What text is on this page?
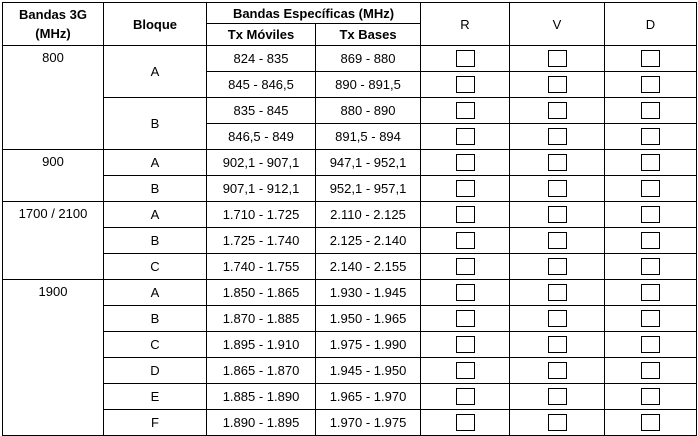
Bandas 3G
(MHz)	Bloque	Bandas Específicas (MHz)		R	V	D
		Tx Móviles	Tx Bases			
800	A	824 - 835	869 - 880			
		845 - 846,5	890 - 891,5			
	B	835 - 845	880 - 890			
		846,5 - 849	891,5 - 894			
900	A	902,1 - 907,1	947,1 - 952,1			
	B	907,1 - 912,1	952,1 - 957,1			
1700 / 2100	A	1.710 - 1.725	2.110 - 2.125			
	B	1.725 - 1.740	2.125 - 2.140			
	C	1.740 - 1.755	2.140 - 2.155			
1900	A	1.850 - 1.865	1.930 - 1.945			
	B	1.870 - 1.885	1.950 - 1.965			
	C	1.895 - 1.910	1.975 - 1.990			
	D	1.865 - 1.870	1.945 - 1.950			
	E	1.885 - 1.890	1.965 - 1.970			
	F	1.890 - 1.895	1.970 - 1.975			
